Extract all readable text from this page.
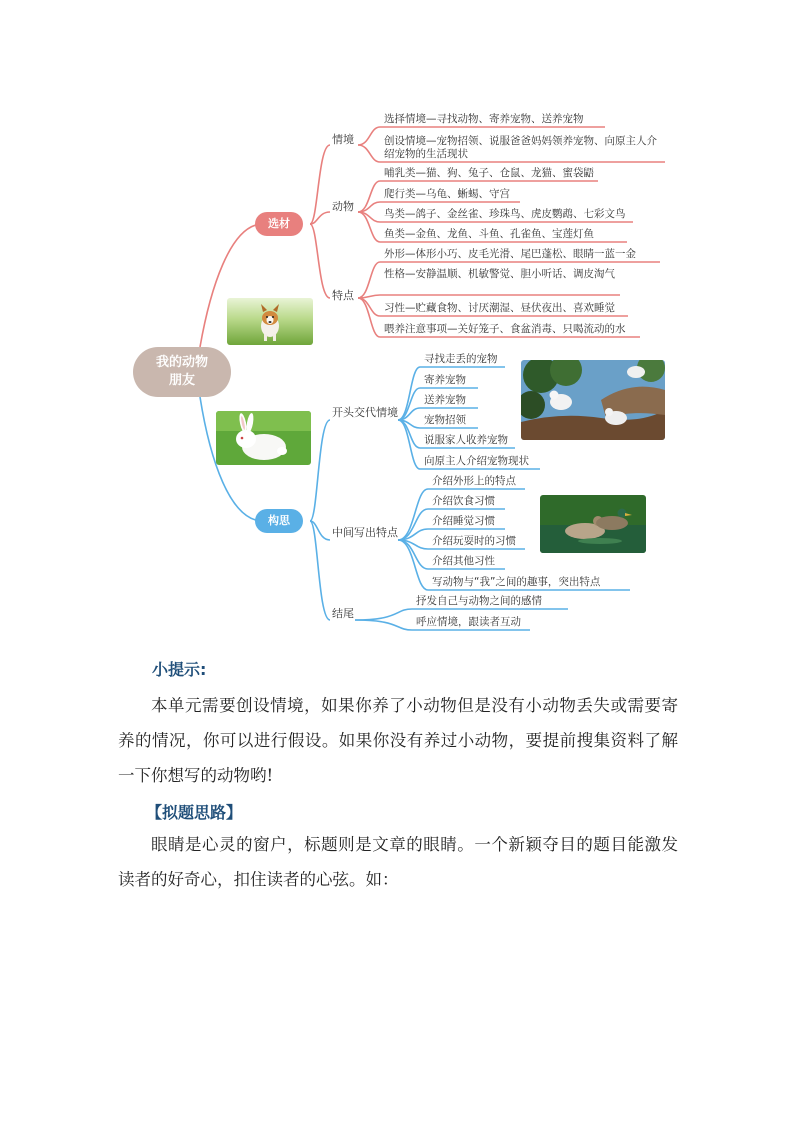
我的动物朋友
选材
构思
情境
动物
特点
选择情境—寻找动物、寄养宠物、送养宠物
创设情境—宠物招领、说服爸爸妈妈领养宠物、向原主人介绍宠物的生活现状
哺乳类—猫、狗、兔子、仓鼠、龙猫、蜜袋鼯
爬行类—乌龟、蜥蜴、守宫
鸟类—鸽子、金丝雀、珍珠鸟、虎皮鹦鹉、七彩文鸟
鱼类—金鱼、龙鱼、斗鱼、孔雀鱼、宝莲灯鱼
外形—体形小巧、皮毛光滑、尾巴蓬松、眼睛一蓝一金
性格—安静温顺、机敏警觉、胆小听话、调皮淘气
习性—贮藏食物、讨厌潮湿、昼伏夜出、喜欢睡觉
喂养注意事项—关好笼子、食盆消毒、只喝流动的水
开头交代情境
中间写出特点
结尾
寻找走丢的宠物
寄养宠物
送养宠物
宠物招领
说服家人收养宠物
向原主人介绍宠物现状
介绍外形上的特点
介绍饮食习惯
介绍睡觉习惯
介绍玩耍时的习惯
介绍其他习性
写动物与“我”之间的趣事，突出特点
抒发自己与动物之间的感情
呼应情境，跟读者互动
小提示:
本单元需要创设情境，如果你养了小动物但是没有小动物丢失或需要寄养的情况，你可以进行假设。如果你没有养过小动物，要提前搜集资料了解一下你想写的动物哟!
【拟题思路】
眼睛是心灵的窗户，标题则是文章的眼睛。一个新颖夺目的题目能激发读者的好奇心，扣住读者的心弦。如：
